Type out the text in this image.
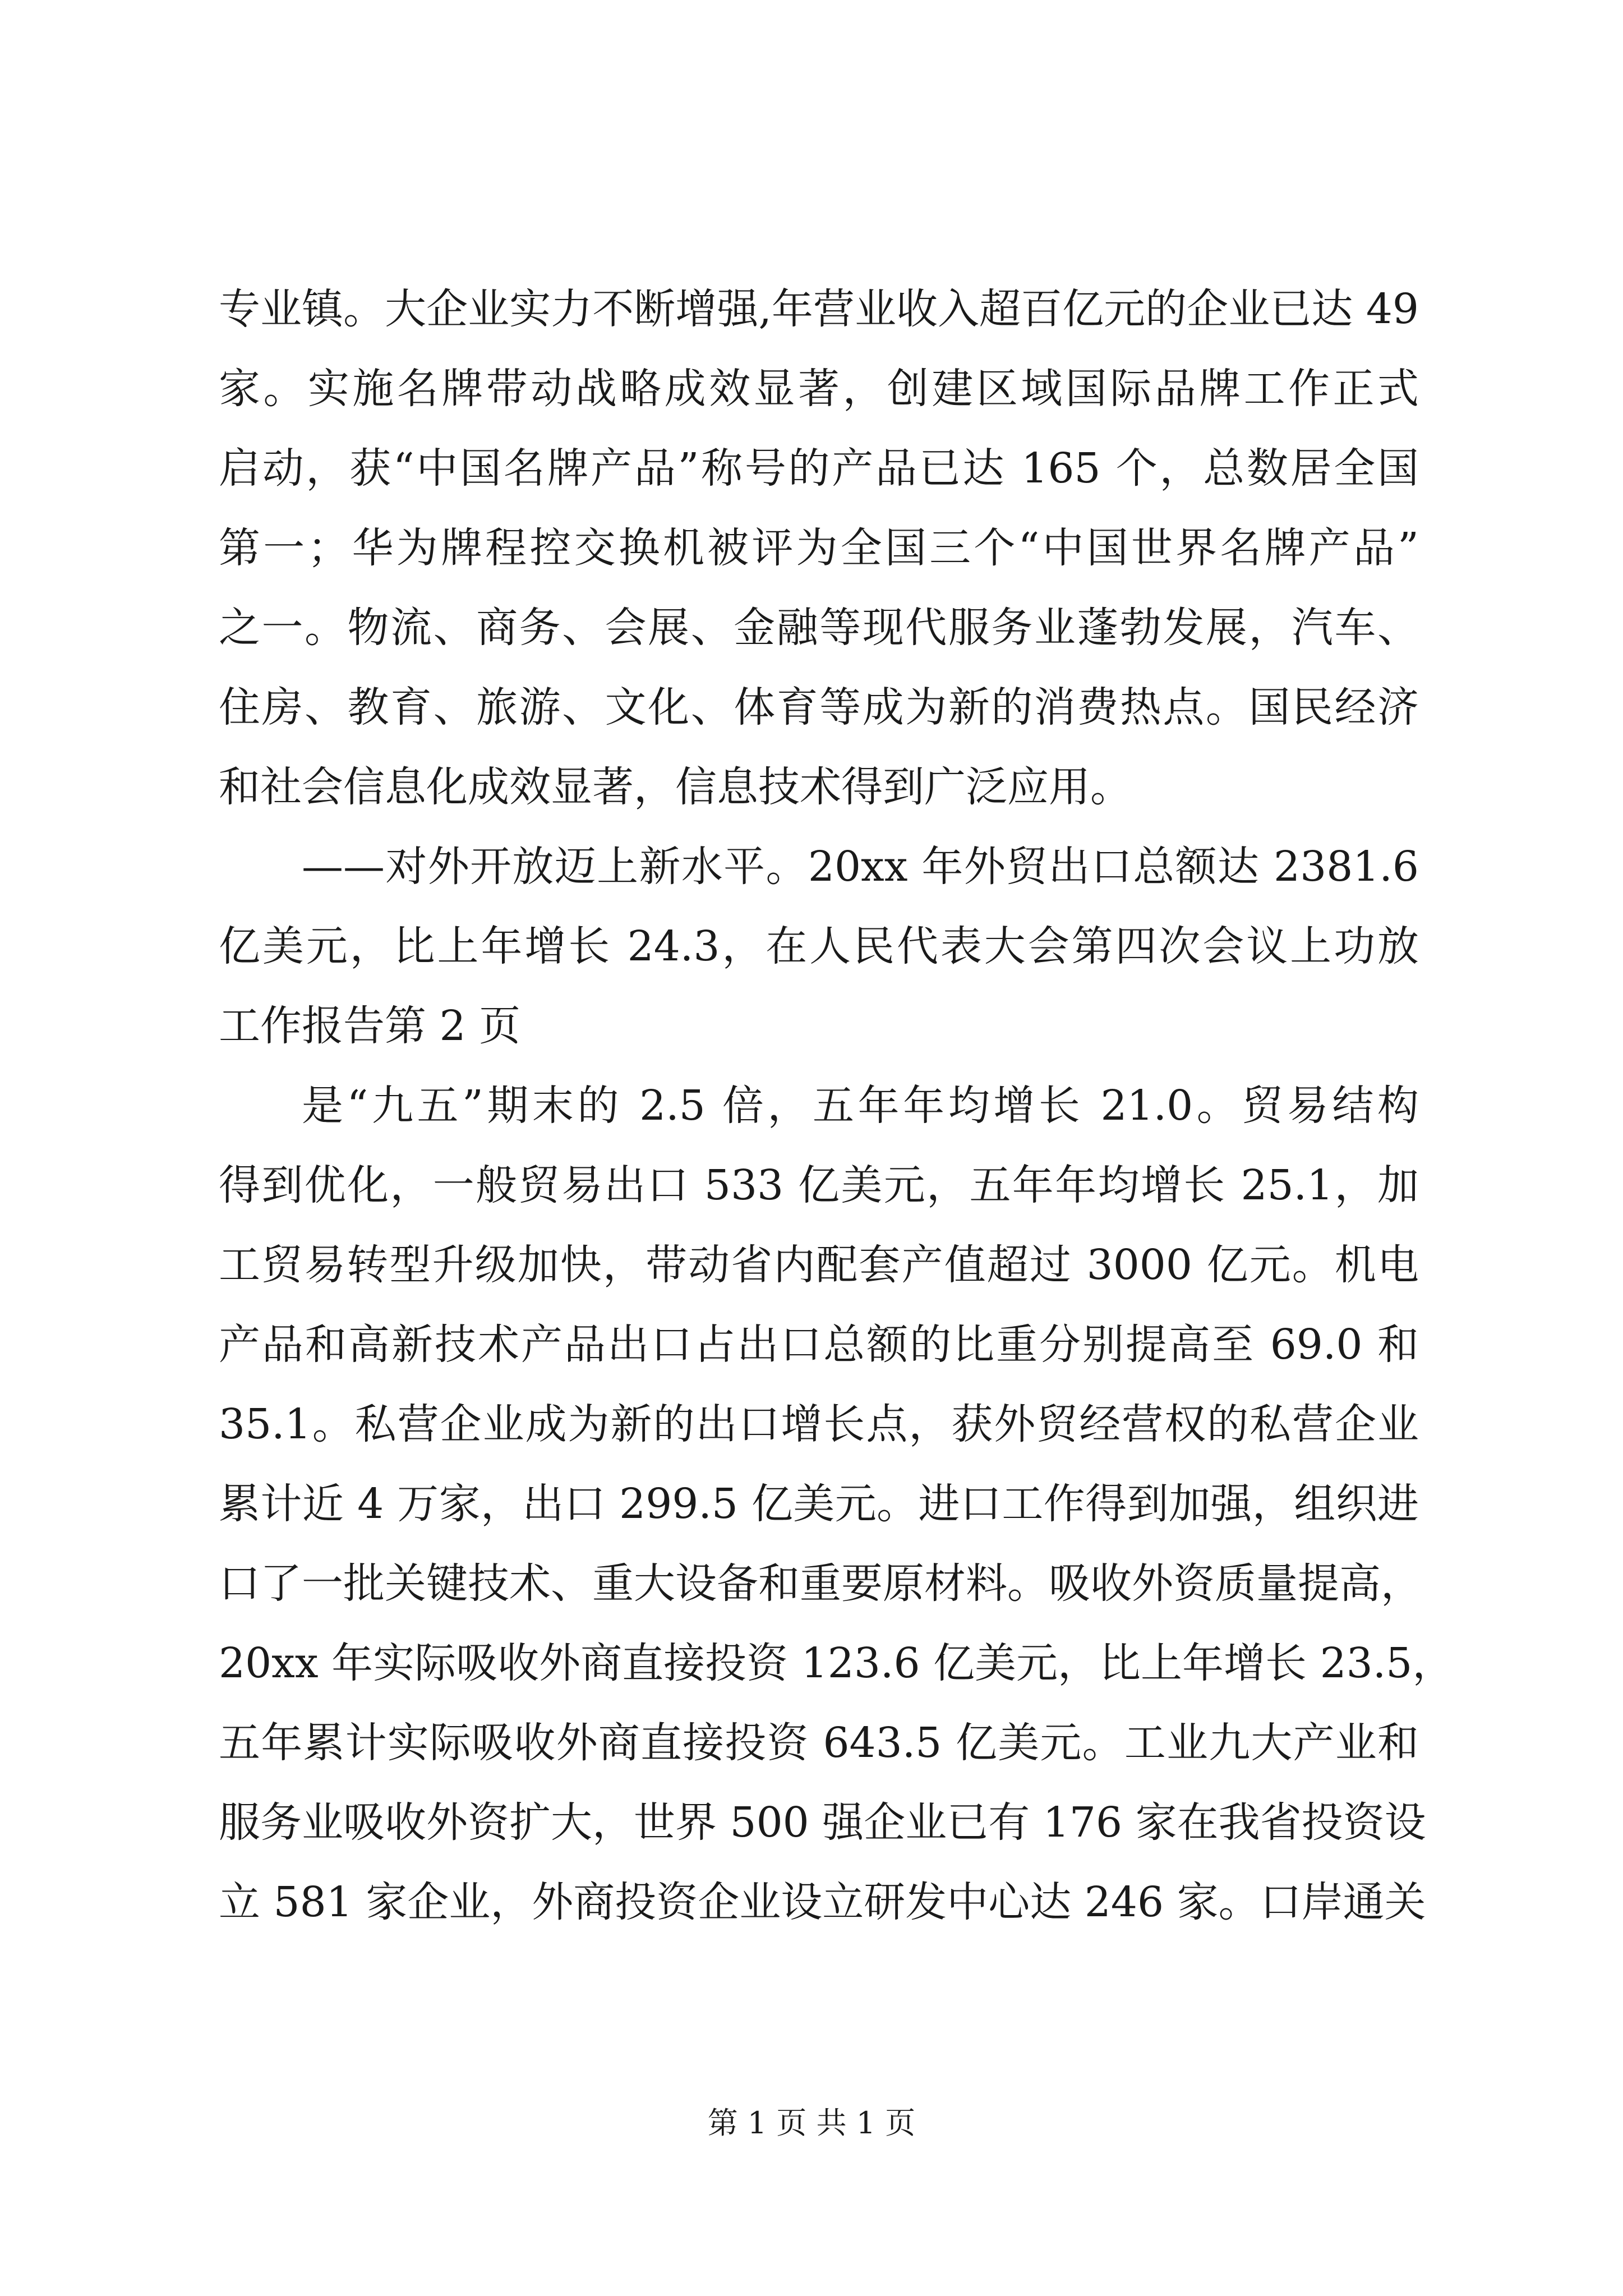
专业镇。大企业实力不断增强,年营业收入超百亿元的企业已达 49
家。实施名牌带动战略成效显著，创建区域国际品牌工作正式
启动，获“中国名牌产品”称号的产品已达 165 个，总数居全国
第一；华为牌程控交换机被评为全国三个“中国世界名牌产品”
之一。物流、商务、会展、金融等现代服务业蓬勃发展，汽车、
住房、教育、旅游、文化、体育等成为新的消费热点。国民经济
和社会信息化成效显著，信息技术得到广泛应用。
——对外开放迈上新水平。20xx 年外贸出口总额达 2381.6
亿美元，比上年增长 24.3，在人民代表大会第四次会议上功放
工作报告第 2 页
是“九五”期末的 2.5 倍，五年年均增长 21.0。贸易结构
得到优化，一般贸易出口 533 亿美元，五年年均增长 25.1，加
工贸易转型升级加快，带动省内配套产值超过 3000 亿元。机电
产品和高新技术产品出口占出口总额的比重分别提高至 69.0 和
35.1。私营企业成为新的出口增长点，获外贸经营权的私营企业
累计近 4 万家，出口 299.5 亿美元。进口工作得到加强，组织进
口了一批关键技术、重大设备和重要原材料。吸收外资质量提高，
20xx 年实际吸收外商直接投资 123.6 亿美元，比上年增长 23.5，
五年累计实际吸收外商直接投资 643.5 亿美元。工业九大产业和
服务业吸收外资扩大，世界 500 强企业已有 176 家在我省投资设
立 581 家企业，外商投资企业设立研发中心达 246 家。口岸通关
第 1 页 共 1 页
